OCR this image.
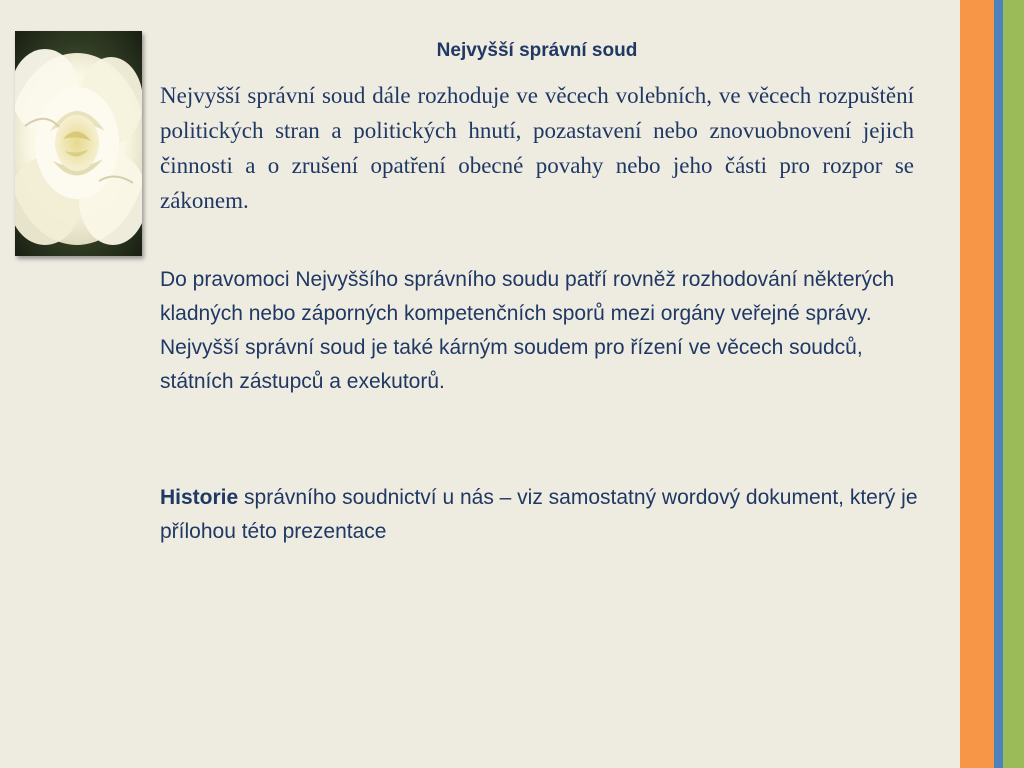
Nejvyšší správní soud

Nejvyšší správní soud dále rozhoduje ve věcech volebních, ve věcech rozpuštění politických stran a politických hnutí, pozastavení nebo znovuobnovení jejich činnosti a o zrušení opatření obecné povahy nebo jeho části pro rozpor se zákonem.

Do pravomoci Nejvyššího správního soudu patří rovněž rozhodování některých kladných nebo záporných kompetenčních sporů mezi orgány veřejné správy. Nejvyšší správní soud je také kárným soudem pro řízení ve věcech soudců, státních zástupců a exekutorů.

Historie správního soudnictví u nás – viz samostatný wordový dokument, který je přílohou této prezentace
